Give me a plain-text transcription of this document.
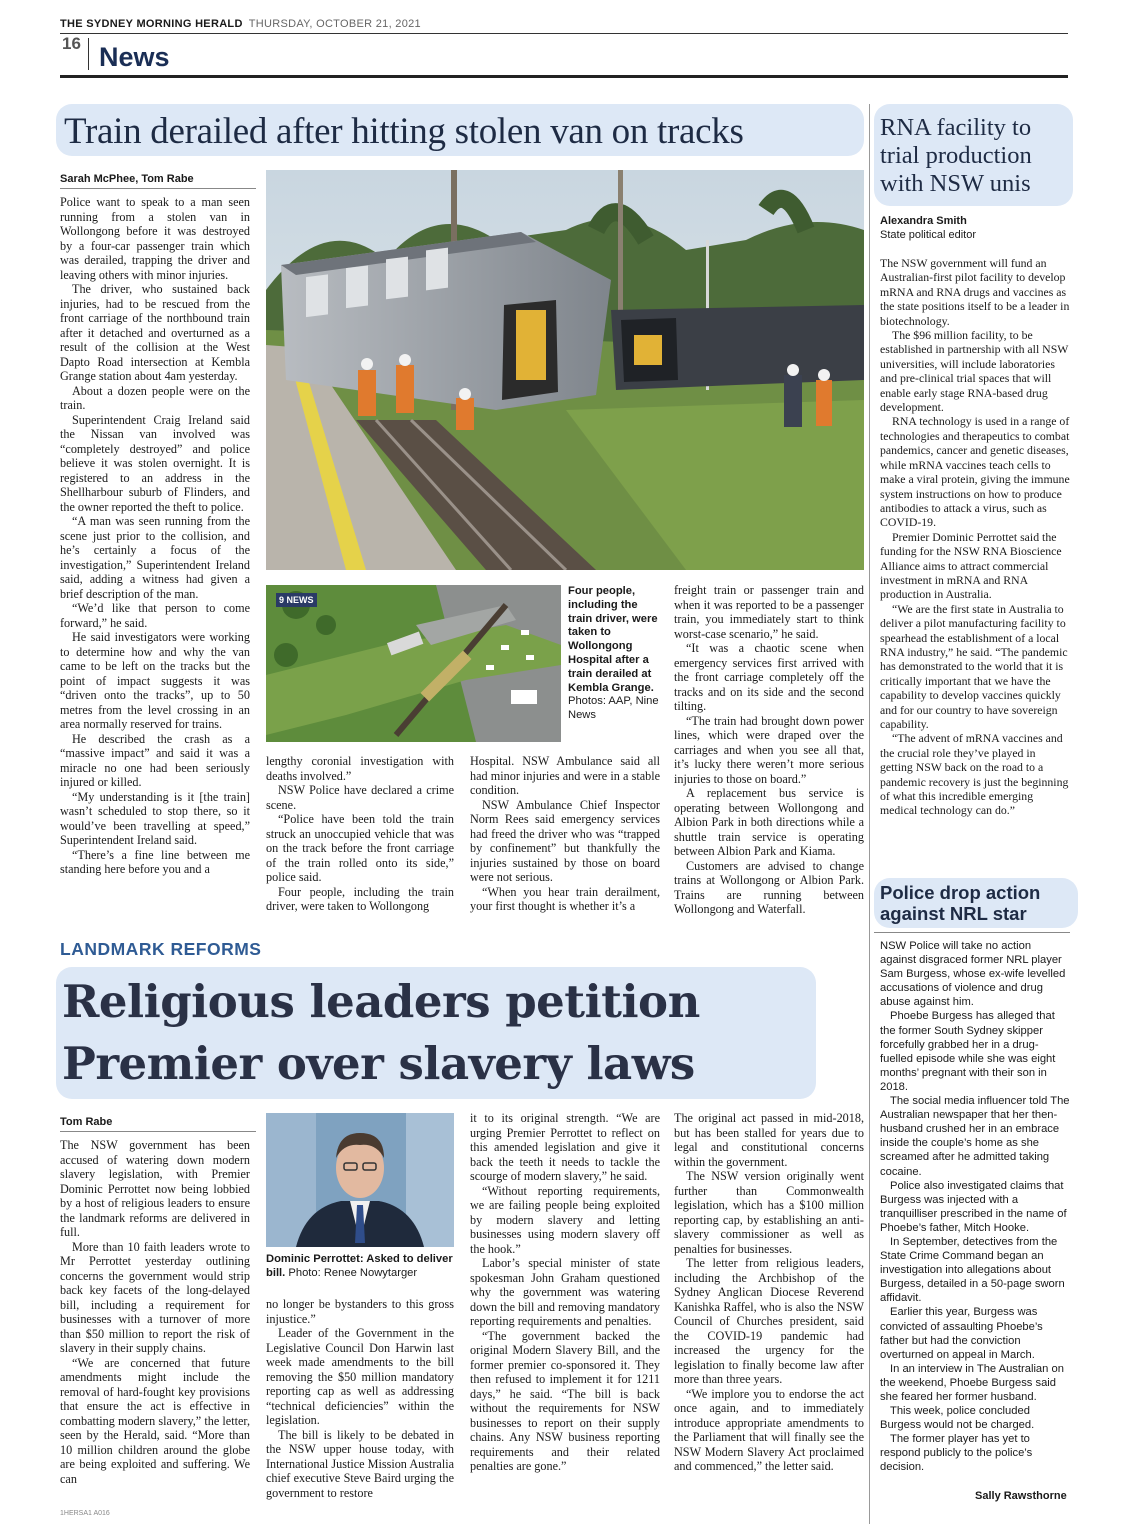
THE SYDNEY MORNING HERALD THURSDAY, OCTOBER 21, 2021
16 News
Train derailed after hitting stolen van on tracks
Sarah McPhee, Tom Rabe

Police want to speak to a man seen running from a stolen van in Wollongong before it was destroyed by a four-car passenger train which was derailed, trapping the driver and leaving others with minor injuries.

The driver, who sustained back injuries, had to be rescued from the front carriage of the northbound train after it detached and overturned as a result of the collision at the West Dapto Road intersection at Kembla Grange station about 4am yesterday.

About a dozen people were on the train.

Superintendent Craig Ireland said the Nissan van involved was “completely destroyed” and police believe it was stolen overnight. It is registered to an address in the Shellharbour suburb of Flinders, and the owner reported the theft to police.

“A man was seen running from the scene just prior to the collision, and he’s certainly a focus of the investigation,” Superintendent Ireland said, adding a witness had given a brief description of the man.

“We’d like that person to come forward,” he said.

He said investigators were working to determine how and why the van came to be left on the tracks but the point of impact suggests it was “driven onto the tracks”, up to 50 metres from the level crossing in an area normally reserved for trains.

He described the crash as a “massive impact” and said it was a miracle no one had been seriously injured or killed.

“My understanding is it [the train] wasn’t scheduled to stop there, so it would’ve been travelling at speed,” Superintendent Ireland said.

“There’s a fine line between me standing here before you and a

9 NEWS
Four people, including the train driver, were taken to Wollongong Hospital after a train derailed at Kembla Grange. Photos: AAP, Nine News

lengthy coronial investigation with deaths involved.”

NSW Police have declared a crime scene.

“Police have been told the train struck an unoccupied vehicle that was on the track before the front carriage of the train rolled onto its side,” police said.

Four people, including the train driver, were taken to Wollongong

Hospital. NSW Ambulance said all had minor injuries and were in a stable condition.

NSW Ambulance Chief Inspector Norm Rees said emergency services had freed the driver who was “trapped by confinement” but thankfully the injuries sustained by those on board were not serious.

“When you hear train derailment, your first thought is whether it’s a

freight train or passenger train and when it was reported to be a passenger train, you immediately start to think worst-case scenario,” he said.

“It was a chaotic scene when emergency services first arrived with the front carriage completely off the tracks and on its side and the second tilting.

“The train had brought down power lines, which were draped over the carriages and when you see all that, it’s lucky there weren’t more serious injuries to those on board.”

A replacement bus service is operating between Wollongong and Albion Park in both directions while a shuttle train service is operating between Albion Park and Kiama.

Customers are advised to change trains at Wollongong or Albion Park. Trains are running between Wollongong and Waterfall.

RNA facility to trial production with NSW unis
Alexandra Smith
State political editor

The NSW government will fund an Australian-first pilot facility to develop mRNA and RNA drugs and vaccines as the state positions itself to be a leader in biotechnology.

The $96 million facility, to be established in partnership with all NSW universities, will include laboratories and pre-clinical trial spaces that will enable early stage RNA-based drug development.

RNA technology is used in a range of technologies and therapeutics to combat pandemics, cancer and genetic diseases, while mRNA vaccines teach cells to make a viral protein, giving the immune system instructions on how to produce antibodies to attack a virus, such as COVID-19.

Premier Dominic Perrottet said the funding for the NSW RNA Bioscience Alliance aims to attract commercial investment in mRNA and RNA production in Australia.

“We are the first state in Australia to deliver a pilot manufacturing facility to spearhead the establishment of a local RNA industry,” he said. “The pandemic has demonstrated to the world that it is critically important that we have the capability to develop vaccines quickly and for our country to have sovereign capability.

“The advent of mRNA vaccines and the crucial role they’ve played in getting NSW back on the road to a pandemic recovery is just the beginning of what this incredible emerging medical technology can do.”

Police drop action against NRL star

NSW Police will take no action against disgraced former NRL player Sam Burgess, whose ex-wife levelled accusations of violence and drug abuse against him.

Phoebe Burgess has alleged that the former South Sydney skipper forcefully grabbed her in a drug-fuelled episode while she was eight months’ pregnant with their son in 2018.

The social media influencer told The Australian newspaper that her then-husband crushed her in an embrace inside the couple’s home as she screamed after he admitted taking cocaine.

Police also investigated claims that Burgess was injected with a tranquilliser prescribed in the name of Phoebe’s father, Mitch Hooke.

In September, detectives from the State Crime Command began an investigation into allegations about Burgess, detailed in a 50-page sworn affidavit.

Earlier this year, Burgess was convicted of assaulting Phoebe’s father but had the conviction overturned on appeal in March.

In an interview in The Australian on the weekend, Phoebe Burgess said she feared her former husband.

This week, police concluded Burgess would not be charged.

The former player has yet to respond publicly to the police’s decision.

Sally Rawsthorne
LANDMARK REFORMS
Religious leaders petition
Premier over slavery laws
Tom Rabe

The NSW government has been accused of watering down modern slavery legislation, with Premier Dominic Perrottet now being lobbied by a host of religious leaders to ensure the landmark reforms are delivered in full.

More than 10 faith leaders wrote to Mr Perrottet yesterday outlining concerns the government would strip back key facets of the long-delayed bill, including a requirement for businesses with a turnover of more than $50 million to report the risk of slavery in their supply chains.

“We are concerned that future amendments might include the removal of hard-fought key provisions that ensure the act is effective in combatting modern slavery,” the letter, seen by the Herald, said. “More than 10 million children around the globe are being exploited and suffering. We can

Dominic Perrottet: Asked to deliver bill. Photo: Renee Nowytarger

no longer be bystanders to this gross injustice.”

Leader of the Government in the Legislative Council Don Harwin last week made amendments to the bill removing the $50 million mandatory reporting cap as well as addressing “technical deficiencies” within the legislation.

The bill is likely to be debated in the NSW upper house today, with International Justice Mission Australia chief executive Steve Baird urging the government to restore

it to its original strength. “We are urging Premier Perrottet to reflect on this amended legislation and give it back the teeth it needs to tackle the scourge of modern slavery,” he said.

“Without reporting requirements, we are failing people being exploited by modern slavery and letting businesses using modern slavery off the hook.”

Labor’s special minister of state spokesman John Graham questioned why the government was watering down the bill and removing mandatory reporting requirements and penalties.

“The government backed the original Modern Slavery Bill, and the former premier co-sponsored it. They then refused to implement it for 1211 days,” he said. “The bill is back without the requirements for NSW businesses to report on their supply chains. Any NSW business reporting requirements and their related penalties are gone.”

The original act passed in mid-2018, but has been stalled for years due to legal and constitutional concerns within the government.

The NSW version originally went further than Commonwealth legislation, which has a $100 million reporting cap, by establishing an anti-slavery commissioner as well as penalties for businesses.

The letter from religious leaders, including the Archbishop of the Sydney Anglican Diocese Reverend Kanishka Raffel, who is also the NSW Council of Churches president, said the COVID-19 pandemic had increased the urgency for the legislation to finally become law after more than three years.

“We implore you to endorse the act once again, and to immediately introduce appropriate amendments to the Parliament that will finally see the NSW Modern Slavery Act proclaimed and commenced,” the letter said.

1HERSA1 A016
